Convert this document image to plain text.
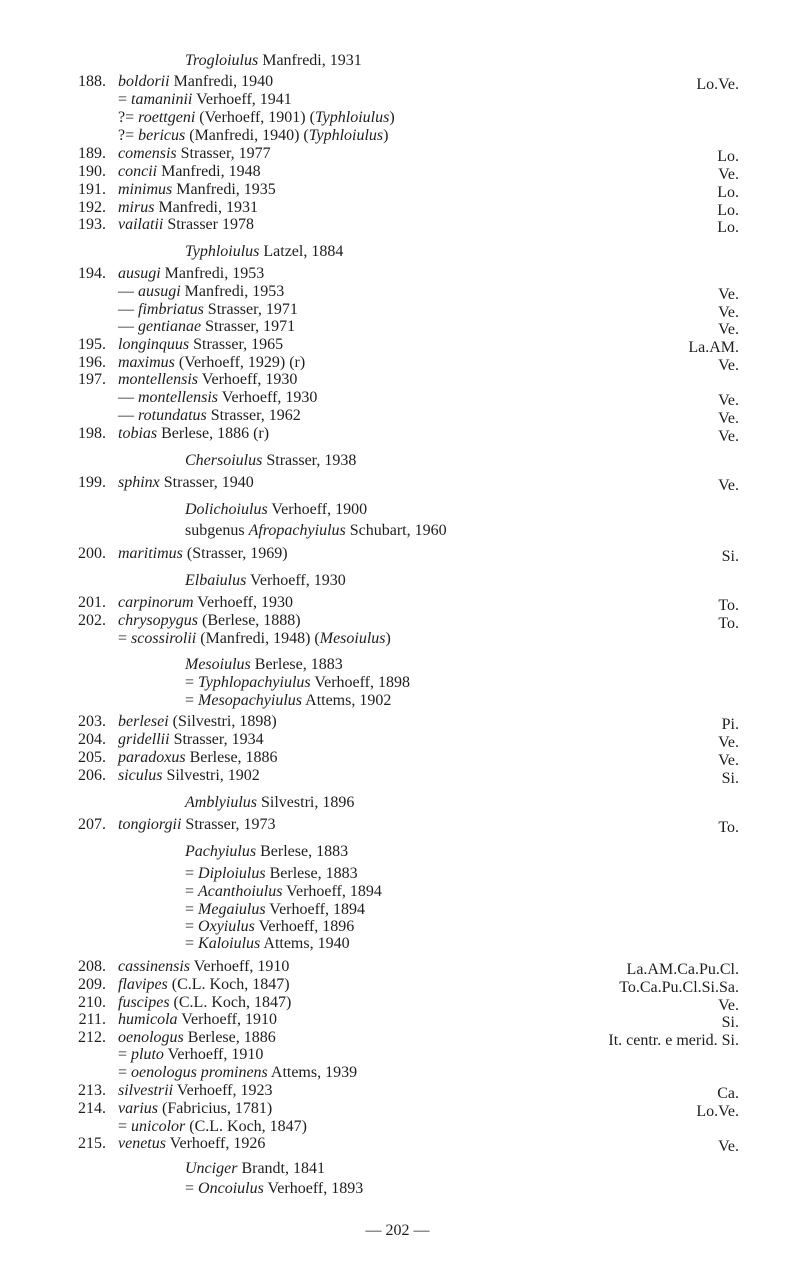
Trogloiulus Manfredi, 1931
188. boldorii Manfredi, 1940	Lo.Ve.
= tamaninii Verhoeff, 1941
?= roettgeni (Verhoeff, 1901) (Typhloiulus)
?= bericus (Manfredi, 1940) (Typhloiulus)
189. comensis Strasser, 1977	Lo.
190. concii Manfredi, 1948	Ve.
191. minimus Manfredi, 1935	Lo.
192. mirus Manfredi, 1931	Lo.
193. vailatii Strasser 1978	Lo.
Typhloiulus Latzel, 1884
194. ausugi Manfredi, 1953
— ausugi Manfredi, 1953	Ve.
— fimbriatus Strasser, 1971	Ve.
— gentianae Strasser, 1971	Ve.
195. longinquus Strasser, 1965	La.AM.
196. maximus (Verhoeff, 1929) (r)	Ve.
197. montellensis Verhoeff, 1930
— montellensis Verhoeff, 1930	Ve.
— rotundatus Strasser, 1962	Ve.
198. tobias Berlese, 1886 (r)	Ve.
Chersoiulus Strasser, 1938
199. sphinx Strasser, 1940	Ve.
Dolichoiulus Verhoeff, 1900
subgenus Afropachyiulus Schubart, 1960
200. maritimus (Strasser, 1969)	Si.
Elbaiulus Verhoeff, 1930
201. carpinorum Verhoeff, 1930	To.
202. chrysopygus (Berlese, 1888)	To.
= scossirolii (Manfredi, 1948) (Mesoiulus)
Mesoiulus Berlese, 1883
= Typhlopachyiulus Verhoeff, 1898
= Mesopachyiulus Attems, 1902
203. berlesei (Silvestri, 1898)	Pi.
204. gridellii Strasser, 1934	Ve.
205. paradoxus Berlese, 1886	Ve.
206. siculus Silvestri, 1902	Si.
Amblyiulus Silvestri, 1896
207. tongiorgii Strasser, 1973	To.
Pachyiulus Berlese, 1883
= Diploiulus Berlese, 1883
= Acanthoiulus Verhoeff, 1894
= Megaiulus Verhoeff, 1894
= Oxyiulus Verhoeff, 1896
= Kaloiulus Attems, 1940
208. cassinensis Verhoeff, 1910	La.AM.Ca.Pu.Cl.
209. flavipes (C.L. Koch, 1847)	To.Ca.Pu.Cl.Si.Sa.
210. fuscipes (C.L. Koch, 1847)	Ve.
211. humicola Verhoeff, 1910	Si.
212. oenologus Berlese, 1886	It. centr. e merid. Si.
= pluto Verhoeff, 1910
= oenologus prominens Attems, 1939
213. silvestrii Verhoeff, 1923	Ca.
214. varius (Fabricius, 1781)	Lo.Ve.
= unicolor (C.L. Koch, 1847)
215. venetus Verhoeff, 1926	Ve.
Unciger Brandt, 1841
= Oncoiulus Verhoeff, 1893
— 202 —
